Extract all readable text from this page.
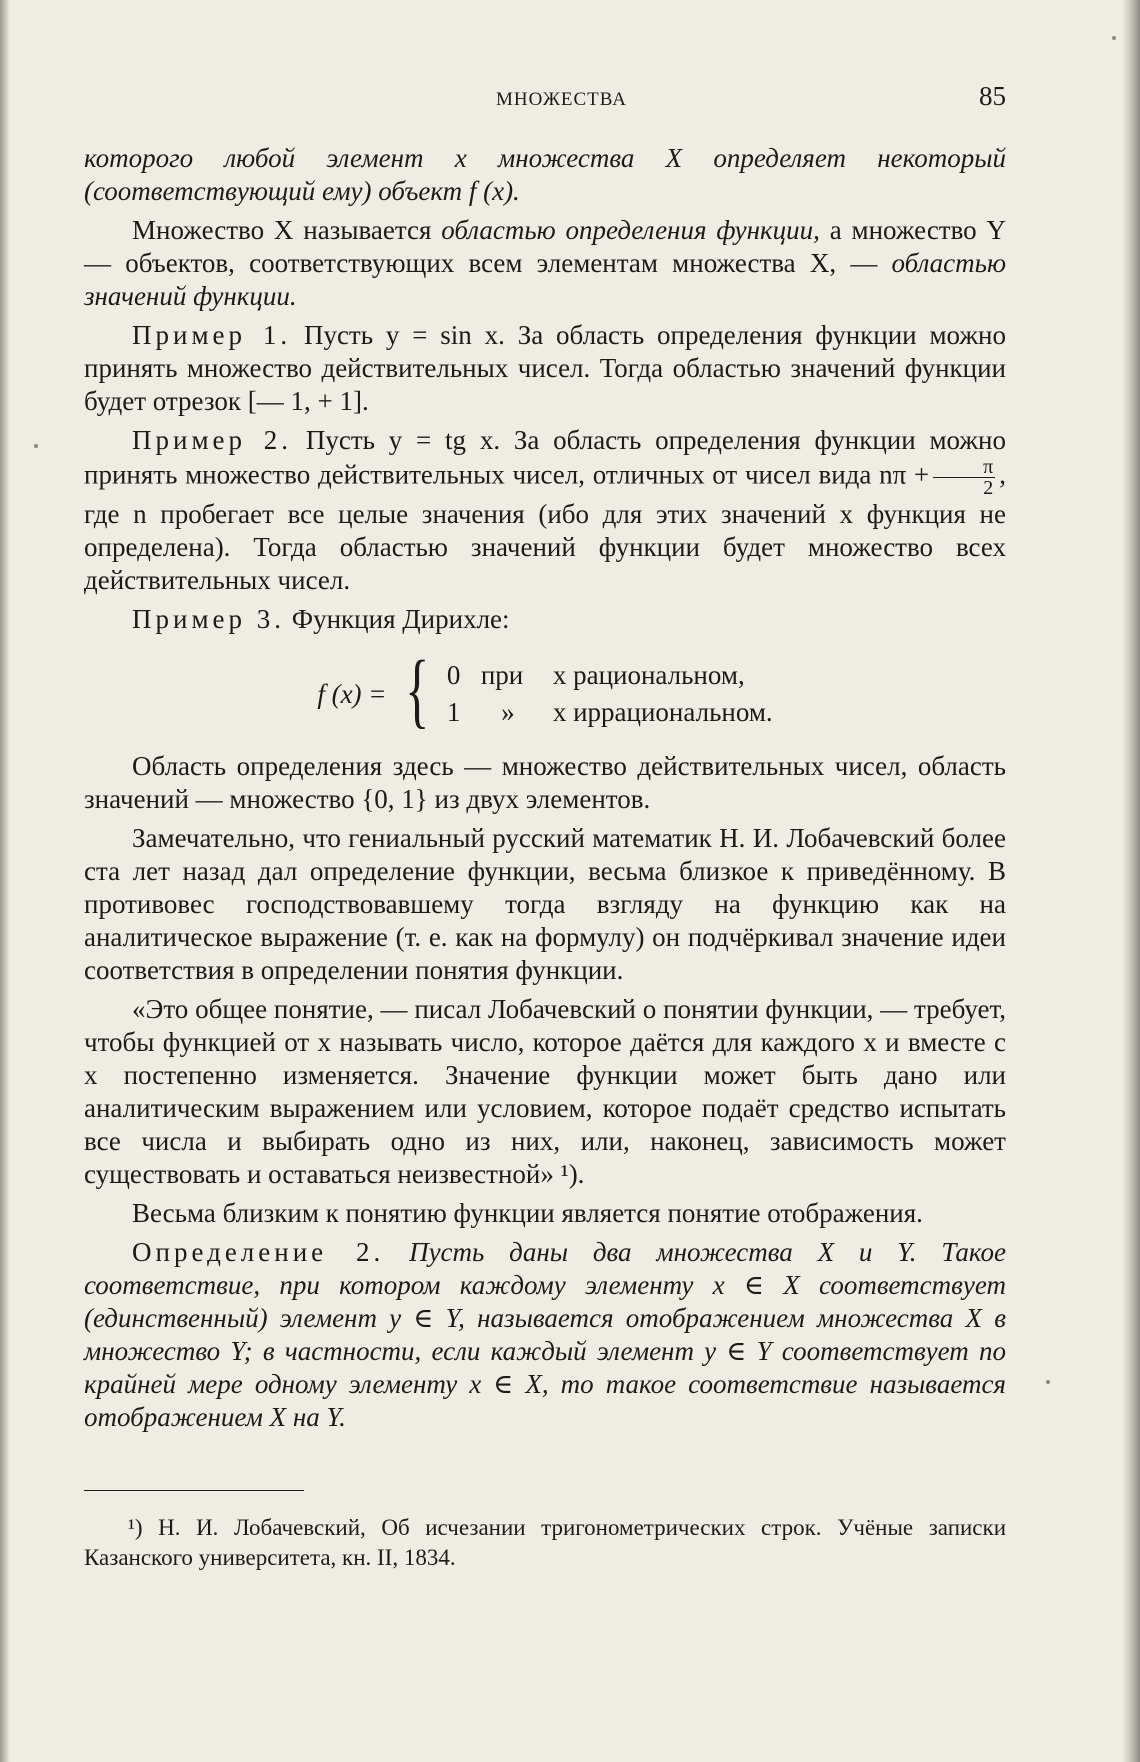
МНОЖЕСТВА	85

которого любой элемент x множества X определяет некоторый (соответствующий ему) объект f (x).

Множество X называется областью определения функции, а множество Y — объектов, соответствующих всем элементам множества X, — областью значений функции.

Пример 1. Пусть y = sin x. За область определения функции можно принять множество действительных чисел. Тогда областью значений функции будет отрезок [— 1, + 1].

Пример 2. Пусть y = tg x. За область определения функции можно принять множество действительных чисел, отличных от чисел вида $n\pi + \frac{\pi}{2}$ , где n пробегает все целые значения (ибо для этих значений x функция не определена). Тогда областью значений функции будет множество всех действительных чисел.

Пример 3. Функция Дирихле:

f (x) = { 0 при	x рациональном,
1	»	x иррациональном.

Область определения здесь — множество действительных чисел, область значений — множество {0, 1} из двух элементов.

Замечательно, что гениальный русский математик Н. И. Лобачевский более ста лет назад дал определение функции, весьма близкое к приведённому. В противовес господствовавшему тогда взгляду на функцию как на аналитическое выражение (т. е. как на формулу) он подчёркивал значение идеи соответствия в определении понятия функции.

«Это общее понятие, — писал Лобачевский о понятии функции, — требует, чтобы функцией от x называть число, которое даётся для каждого x и вместе с x постепенно изменяется. Значение функции может быть дано или аналитическим выражением или условием, которое подаёт средство испытать все числа и выбирать одно из них, или, наконец, зависимость может существовать и оставаться неизвестной» ¹).

Весьма близким к понятию функции является понятие отображения.

Определение 2. Пусть даны два множества X и Y. Такое соответствие, при котором каждому элементу x ∈ X соответствует (единственный) элемент y ∈ Y, называется отображением множества X в множество Y; в частности, если каждый элемент y ∈ Y соответствует по крайней мере одному элементу x ∈ X, то такое соответствие называется отображением X на Y.

¹) Н. И. Лобачевский, Об исчезании тригонометрических строк. Учёные записки Казанского университета, кн. II, 1834.
